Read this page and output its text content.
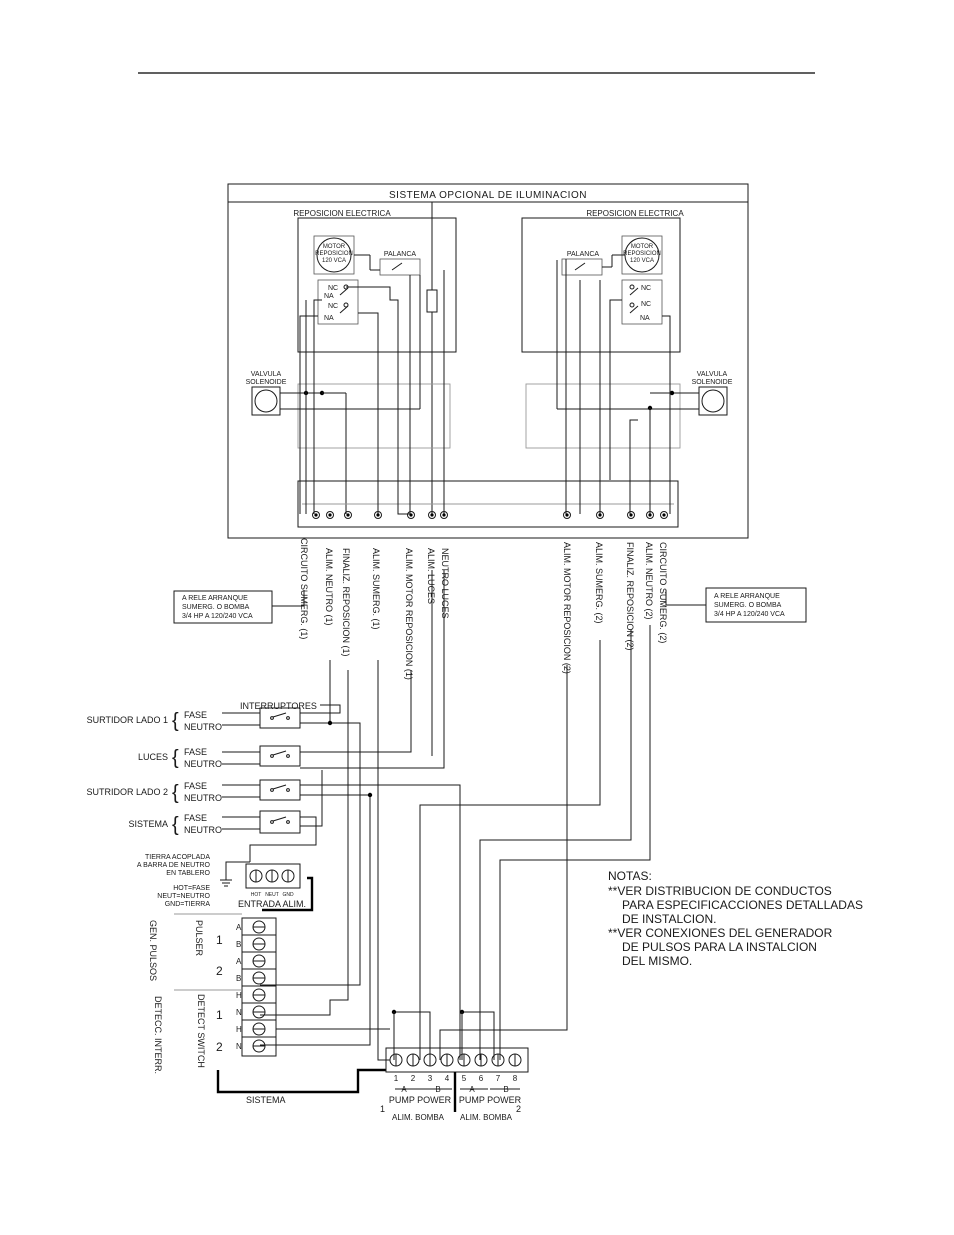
SISTEMA OPCIONAL DE ILUMINACION
REPOSICION ELECTRICA
MOTOR
REPOSICION
120 VCA
PALANCA
NC
NA
NC
NA
VALVULA
SOLENOIDE
REPOSICION ELECTRICA
MOTOR
REPOSICION
120 VCA
PALANCA
NC
NC
NA
VALVULA
SOLENOIDE
CIRCUITO SUMERG. (1) ALIM. NEUTRO (1) FINALIZ. REPOSICION (1) ALIM. SUMERG. (1)	ALIM. MOTOR REPOSICION (1) ALIM. LUCES NEUTRO LUCES	ALIM. MOTOR REPOSICION (2) ALIM. SUMERG. (2) FINALIZ. REPOSICION (2) ALIM. NEUTRO (2) CIRCUITO SUMERG. (2)
A RELE ARRANQUE
SUMERG. O BOMBA
3/4 HP A 120/240 VCA
A RELE ARRANQUE
SUMERG. O BOMBA
3/4 HP A 120/240 VCA
INTERRUPTORES
SURTIDOR LADO 1 { FASE
NEUTRO
LUCES { FASE
NEUTRO
SUTRIDOR LADO 2 { FASE
NEUTRO
SISTEMA { FASE
NEUTRO
TIERRA ACOPLADA
A BARRA DE NEUTRO
EN TABLERO
HOT NEUT GND
HOT=FASE
NEUT=NEUTRO
GND=TIERRA	ENTRADA ALIM.
GEN. PULSOS	PULSER
DETECT SWITCH
DETECC. INTERR.
1
2
1
2
A
B
A
B
H
N
H
N
SISTEMA
1 2 3 4 5 6 7 8
A	B	A	B
PUMP POWER PUMP POWER
ALIM. BOMBA ALIM. BOMBA
1	2
NOTAS:
**VER DISTRIBUCION DE CONDUCTOS
PARA ESPECIFICACCIONES DETALLADAS
DE INSTALCION.
**VER CONEXIONES DEL GENERADOR
DE PULSOS PARA LA INSTALCION
DEL MISMO.
